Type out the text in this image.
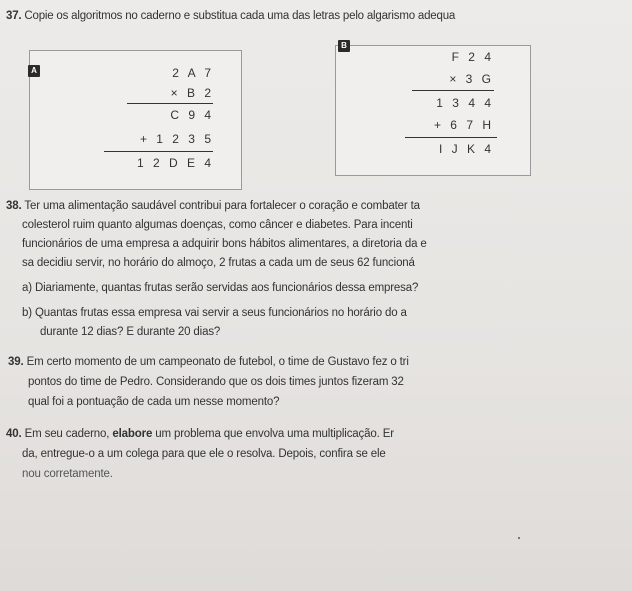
37. Copie os algoritmos no caderno e substitua cada uma das letras pelo algarismo adequa
A	2 A 7
× B 2
C 9 4
+ 1 2 3 5
1 2 D E 4
B
F 2 4
× 3 G
1 3 4 4
+ 6 7 H
I J K 4
38. Ter uma alimentação saudável contribui para fortalecer o coração e combater ta
colesterol ruim quanto algumas doenças, como câncer e diabetes. Para incenti
funcionários de uma empresa a adquirir bons hábitos alimentares, a diretoria da e
sa decidiu servir, no horário do almoço, 2 frutas a cada um de seus 62 funcioná
a) Diariamente, quantas frutas serão servidas aos funcionários dessa empresa?
b) Quantas frutas essa empresa vai servir a seus funcionários no horário do a
durante 12 dias? E durante 20 dias?
39. Em certo momento de um campeonato de futebol, o time de Gustavo fez o tri
pontos do time de Pedro. Considerando que os dois times juntos fizeram 32
qual foi a pontuação de cada um nesse momento?
40. Em seu caderno, elabore um problema que envolva uma multiplicação. Er
da, entregue-o a um colega para que ele o resolva. Depois, confira se ele
nou corretamente.
